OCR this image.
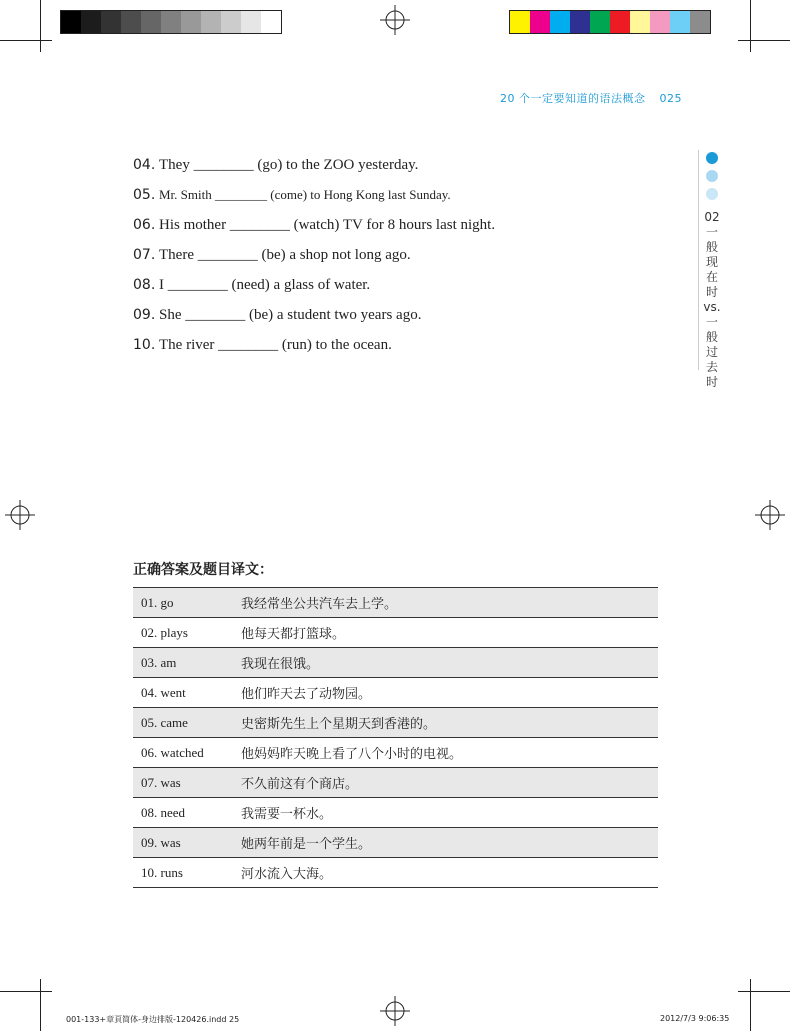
20 个一定要知道的语法概念 025
02 一般现在时 vs. 一般过去时
04. They ________ (go) to the ZOO yesterday.
05. Mr. Smith ________ (come) to Hong Kong last Sunday.
06. His mother ________ (watch) TV for 8 hours last night.
07. There ________ (be) a shop not long ago.
08. I ________ (need) a glass of water.
09. She ________ (be) a student two years ago.
10. The river ________ (run) to the ocean.
正确答案及题目译文：
01. go	我经常坐公共汽车去上学。
02. plays	他每天都打篮球。
03. am	我现在很饿。
04. went	他们昨天去了动物园。
05. came	史密斯先生上个星期天到香港的。
06. watched	他妈妈昨天晚上看了八个小时的电视。
07. was	不久前这有个商店。
08. need	我需要一杯水。
09. was	她两年前是一个学生。
10. runs	河水流入大海。
001-133+章頁简体-身边排版-120426.indd 25	2012/7/3 9:06:35
